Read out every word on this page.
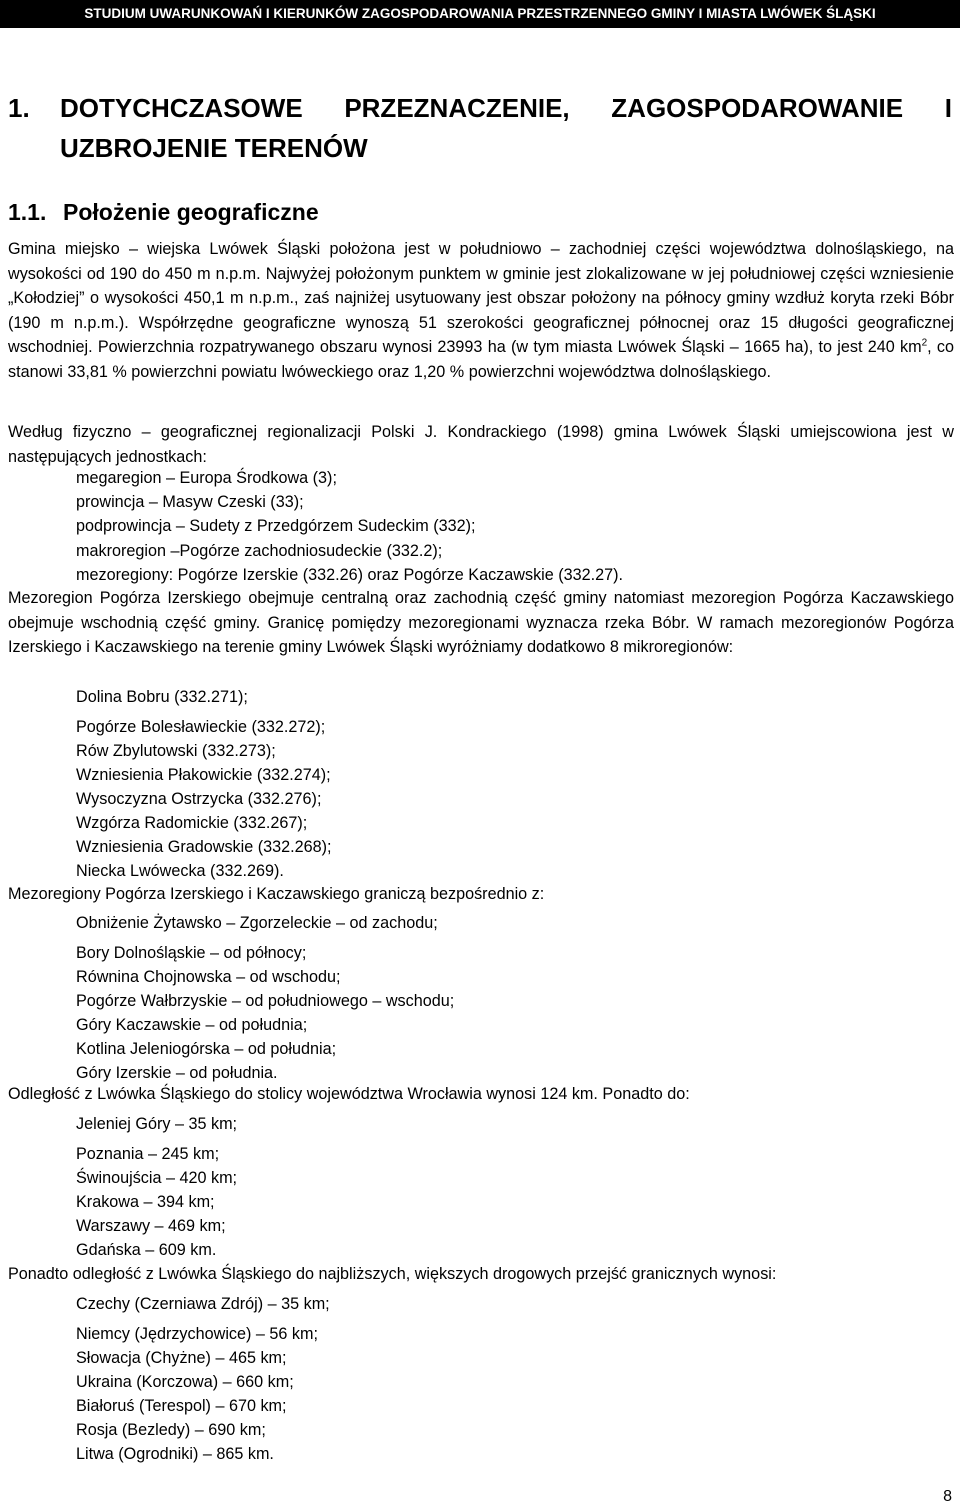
STUDIUM UWARUNKOWAŃ I KIERUNKÓW ZAGOSPODAROWANIA PRZESTRZENNEGO GMINY I MIASTA LWÓWEK ŚLĄSKI
1. DOTYCHCZASOWE PRZEZNACZENIE, ZAGOSPODAROWANIE I
UZBROJENIE TERENÓW
1.1. Położenie geograficzne
Gmina miejsko – wiejska Lwówek Śląski położona jest w południowo – zachodniej części województwa dolnośląskiego, na wysokości od 190 do 450 m n.p.m. Najwyżej położonym punktem w gminie jest zlokalizowane w jej południowej części wzniesienie „Kołodziej” o wysokości 450,1 m n.p.m., zaś najniżej usytuowany jest obszar położony na północy gminy wzdłuż koryta rzeki Bóbr (190 m n.p.m.). Współrzędne geograficzne wynoszą 51 szerokości geograficznej północnej oraz 15 długości geograficznej wschodniej. Powierzchnia rozpatrywanego obszaru wynosi 23993 ha (w tym miasta Lwówek Śląski – 1665 ha), to jest 240 $km^2$, co stanowi 33,81 % powierzchni powiatu lwóweckiego oraz 1,20 % powierzchni województwa dolnośląskiego.
Według fizyczno – geograficznej regionalizacji Polski J. Kondrackiego (1998) gmina Lwówek Śląski umiejscowiona jest w następujących jednostkach:
megaregion – Europa Środkowa (3);
prowincja – Masyw Czeski (33);
podprowincja – Sudety z Przedgórzem Sudeckim (332);
makroregion –Pogórze zachodniosudeckie (332.2);
mezoregiony: Pogórze Izerskie (332.26) oraz Pogórze Kaczawskie (332.27).
Mezoregion Pogórza Izerskiego obejmuje centralną oraz zachodnią część gminy natomiast mezoregion Pogórza Kaczawskiego obejmuje wschodnią część gminy. Granicę pomiędzy mezoregionami wyznacza rzeka Bóbr. W ramach mezoregionów Pogórza Izerskiego i Kaczawskiego na terenie gminy Lwówek Śląski wyróżniamy dodatkowo 8 mikroregionów:
Dolina Bobru (332.271);
Pogórze Bolesławieckie (332.272);
Rów Zbylutowski (332.273);
Wzniesienia Płakowickie (332.274);
Wysoczyzna Ostrzycka (332.276);
Wzgórza Radomickie (332.267);
Wzniesienia Gradowskie (332.268);
Niecka Lwówecka (332.269).
Mezoregiony Pogórza Izerskiego i Kaczawskiego graniczą bezpośrednio z:
Obniżenie Żytawsko – Zgorzeleckie – od zachodu;
Bory Dolnośląskie – od północy;
Równina Chojnowska – od wschodu;
Pogórze Wałbrzyskie – od południowego – wschodu;
Góry Kaczawskie – od południa;
Kotlina Jeleniogórska – od południa;
Góry Izerskie – od południa.
Odległość z Lwówka Śląskiego do stolicy województwa Wrocławia wynosi 124 km. Ponadto do:
Jeleniej Góry – 35 km;
Poznania – 245 km;
Świnoujścia – 420 km;
Krakowa – 394 km;
Warszawy – 469 km;
Gdańska – 609 km.
Ponadto odległość z Lwówka Śląskiego do najbliższych, większych drogowych przejść granicznych wynosi:
Czechy (Czerniawa Zdrój) – 35 km;
Niemcy (Jędrzychowice) – 56 km;
Słowacja (Chyżne) – 465 km;
Ukraina (Korczowa) – 660 km;
Białoruś (Terespol) – 670 km;
Rosja (Bezledy) – 690 km;
Litwa (Ogrodniki) – 865 km.
8
